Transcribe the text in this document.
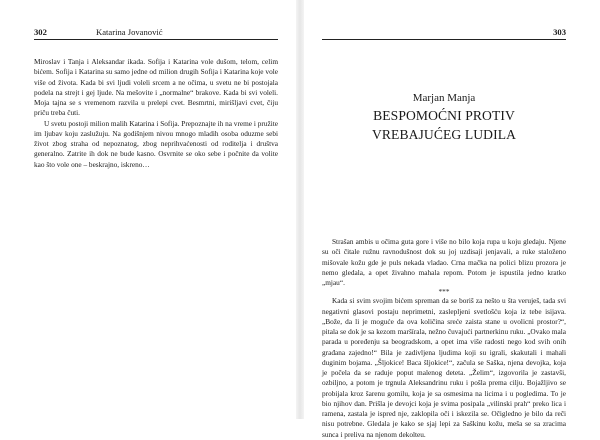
302	Katarina Jovanović

Miroslav i Tanja i Aleksandar ikada. Sofija i Katarina vole dušom, telom, celim bićem. Sofija i Katarina su samo jedne od milion drugih Sofija i Katarina koje vole više od života. Kada bi svi ljudi voleli srcem a ne očima, u svetu ne bi postojala podela na strejt i gej ljude. Na mešovite i „normalne“ brakove. Kada bi svi voleli. Moja tajna se s vremenom razvila u prelepi cvet. Besmrtni, mirišljavi cvet, čiju priču treba čuti.

U svetu postoji milion malih Katarina i Sofija. Prepoznajte ih na vreme i pružite im ljubav koju zaslužuju. Na godišnjem nivou mnogo mladih osoba oduzme sebi život zbog straha od nepoznatog, zbog neprihvaćenosti od roditelja i društva generalno. Zatrite ih dok ne bude kasno. Osvrnite se oko sebe i počnite da volite kao što vole one – beskrajno, iskreno…

303
Marjan Manja
BESPOMOĆNI PROTIV
VREBAJUĆEG LUDILA

Strašan ambis u očima guta gore i više no bilo koja rupa u koju gledaju. Njene su oči čitale ružnu ravnodušnost dok su joj uzdisaji jenjavali, a ruke staloženo mišovale kožu gde je puls nekada vladao. Crna mačka na polici blizu prozora je nemo gledala, a opet živahno mahala repom. Potom je ispustila jedno kratko „mjau“.

***

Kada si svim svojim bićem spreman da se boriš za nešto u šta veruješ, tada svi negativni glasovi postaju neprimetni, zaslepljeni svetlošću koja iz tebe isijava. „Bože, da li je moguće da ova količina sreće zaista stane u ovolicni prostor?“, pitala se dok je sa kezom maršírala, nežno čuvajući partnerkinu ruku. „Ovako mala parada u poređenju sa beogradskom, a opet ima više radosti nego kod svih onih građana zajedno!“ Bila je zadivljena ljudima koji su igrali, skakutali i mahali duginim bojama. „Šljokice! Baca šljokice!“, začula se Saška, njena devojka, koja je počela da se raduje poput malenog deteta. „Želim“, izgovorila je zastavši, ozbiljno, a potom je trgnula Aleksandrinu ruku i pošla prema cilju. Bojažljivo se probijala kroz šarenu gomilu, koja je sa osmesima na licima i u pogledima. To je bio njihov dan. Prišla je devojci koja je svima posipala „vilinski prah“ preko lica i ramena, zastala je ispred nje, zaklopila oči i iskezila se. Očigledno je bilo da reči nisu potrebne. Gledala je kako se sjaj lepi za Saškinu kožu, meša se sa zracima sunca i preliva na njenom dekolteu.
